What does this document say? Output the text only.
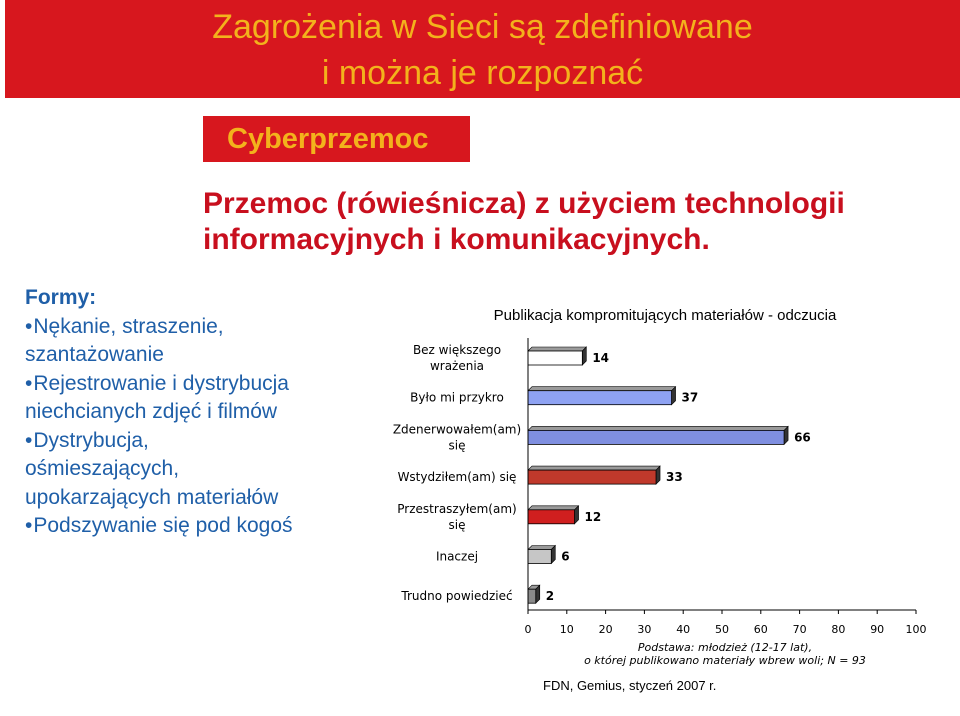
Zagrożenia w Sieci są zdefiniowane
i można je rozpoznać
Cyberprzemoc
Przemoc (rówieśnicza) z użyciem technologii
informacyjnych i komunikacyjnych.
Formy:
•Nękanie, straszenie,
szantażowanie
•Rejestrowanie i dystrybucja
niechcianych zdjęć i filmów
•Dystrybucja,
ośmieszających,
upokarzających materiałów
•Podszywanie się pod kogoś
Publikacja kompromitujących materiałów - odczucia
14
Bez większego
wrażenia
37
Było mi przykro
66
Zdenerwowałem(am)
się
33
Wstydziłem(am) się
12
Przestraszyłem(am)
się
6
Inaczej
2
Trudno powiedzieć
0	10 20 30 40 50 60 70 80 90 100
Podstawa: młodzież (12-17 lat),
o której publikowano materiały wbrew woli; N = 93
FDN, Gemius, styczeń 2007 r.
